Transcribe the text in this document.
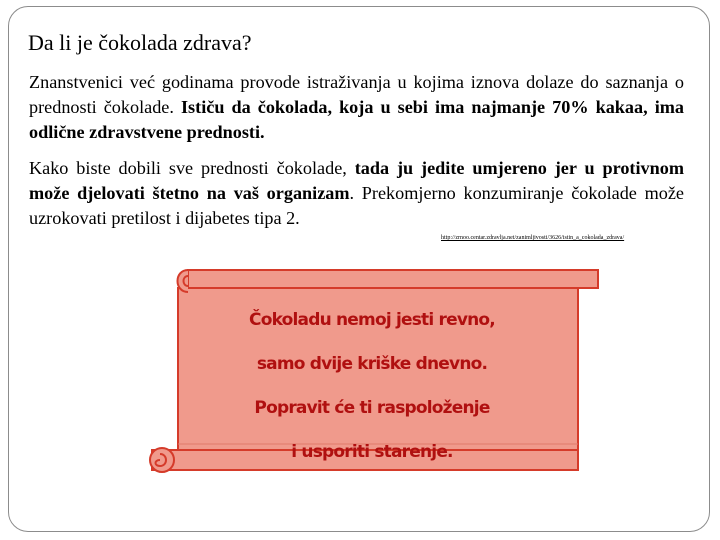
Da li je čokolada zdrava?

Znanstvenici već godinama provode istraživanja u kojima iznova dolaze do saznanja o prednosti čokolade. Ističu da čokolada, koja u sebi ima najmanje 70% kakaa, ima odlične zdravstvene prednosti.

Kako biste dobili sve prednosti čokolade, tada ju jedite umjereno jer u protivnom može djelovati štetno na vaš organizam. Prekomjerno konzumiranje čokolade može uzrokovati pretilost i dijabetes tipa 2.

http://zrnoo.centar.zdravlja.net/zanimljivosti/3626/istin_a_cokolada_zdrava/
Čokoladu nemoj jesti revno,
samo dvije kriške dnevno.
Popravit će ti raspoloženje
i usporiti starenje.
